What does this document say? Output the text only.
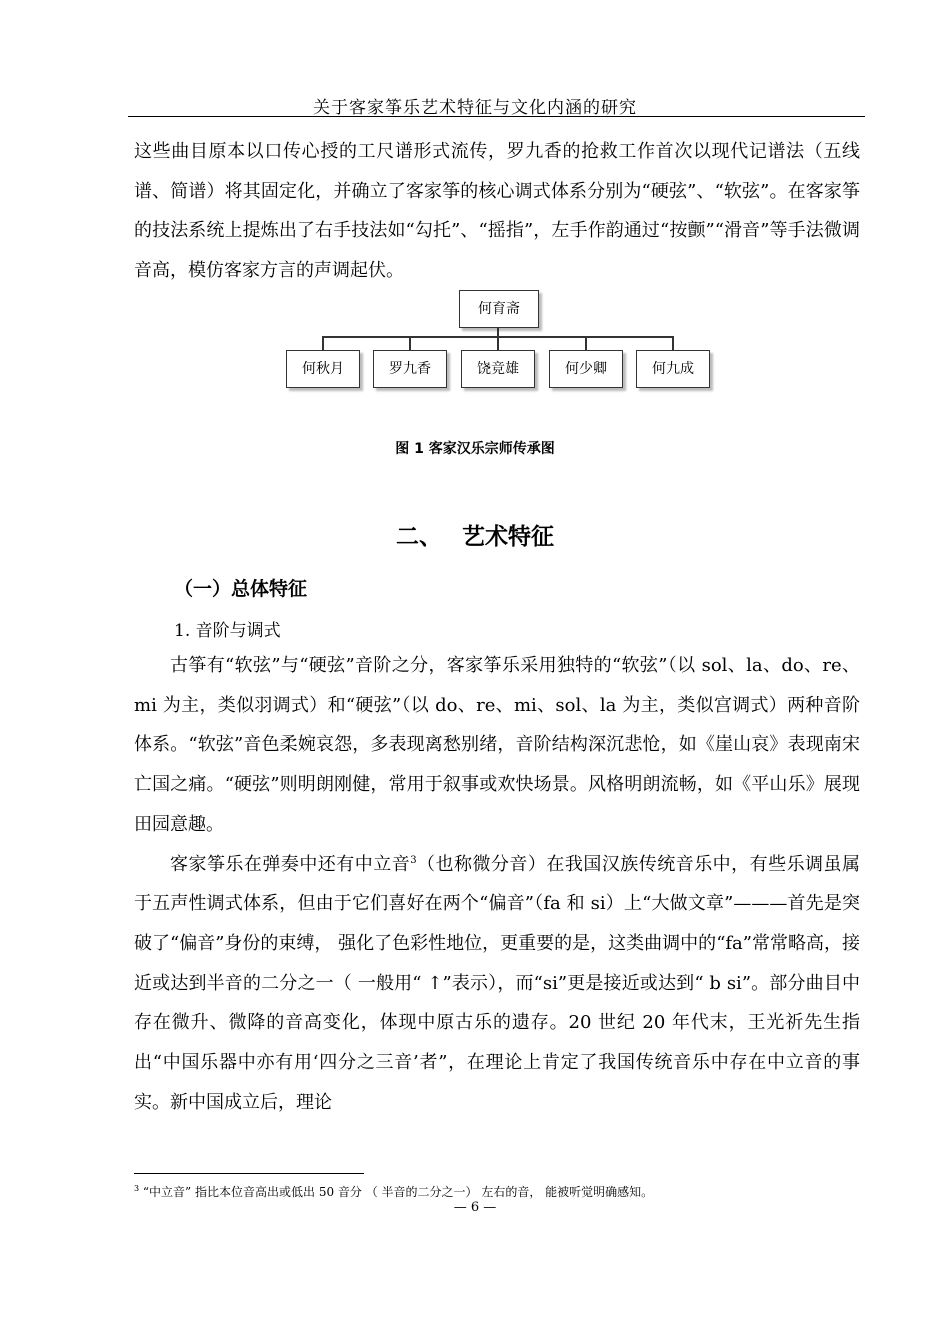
关于客家筝乐艺术特征与文化内涵的研究

这些曲目原本以口传心授的工尺谱形式流传，罗九香的抢救工作首次以现代记谱法（五线谱、简谱）将其固定化，并确立了客家筝的核心调式体系分别为“硬弦”、“软弦”。在客家筝的技法系统上提炼出了右手技法如“勾托”、“摇指”，左手作韵通过“按颤”“滑音”等手法微调音高，模仿客家方言的声调起伏。

何育斋
何秋月	罗九香	饶竞雄	何少卿	何九成
图 1 客家汉乐宗师传承图
二、 艺术特征
（一）总体特征
1. 音阶与调式

古筝有“软弦”与“硬弦”音阶之分，客家筝乐采用独特的“软弦”（以 sol、la、do、re、mi 为主，类似羽调式）和“硬弦”（以 do、re、mi、sol、la 为主，类似宫调式）两种音阶体系。“软弦”音色柔婉哀怨，多表现离愁别绪，音阶结构深沉悲怆，如《崖山哀》表现南宋亡国之痛。“硬弦”则明朗刚健，常用于叙事或欢快场景。风格明朗流畅，如《平山乐》展现田园意趣。

客家筝乐在弹奏中还有中立音$^3$（也称微分音）在我国汉族传统音乐中，有些乐调虽属于五声性调式体系，但由于它们喜好在两个“偏音”（fa 和 si）上“大做文章”———首先是突破了“偏音”身份的束缚， 强化了色彩性地位，更重要的是，这类曲调中的“fa”常常略高，接近或达到半音的二分之一（ 一般用“ ↑”表示），而“si”更是接近或达到“ b si”。部分曲目中存在微升、微降的音高变化，体现中原古乐的遗存。20 世纪 20 年代末，王光祈先生指出“中国乐器中亦有用‘四分之三音’者”，在理论上肯定了我国传统音乐中存在中立音的事实。新中国成立后，理论

$^3$ “中立音” 指比本位音高出或低出 50 音分 （ 半音的二分之一） 左右的音， 能被听觉明确感知。
— 6 —
